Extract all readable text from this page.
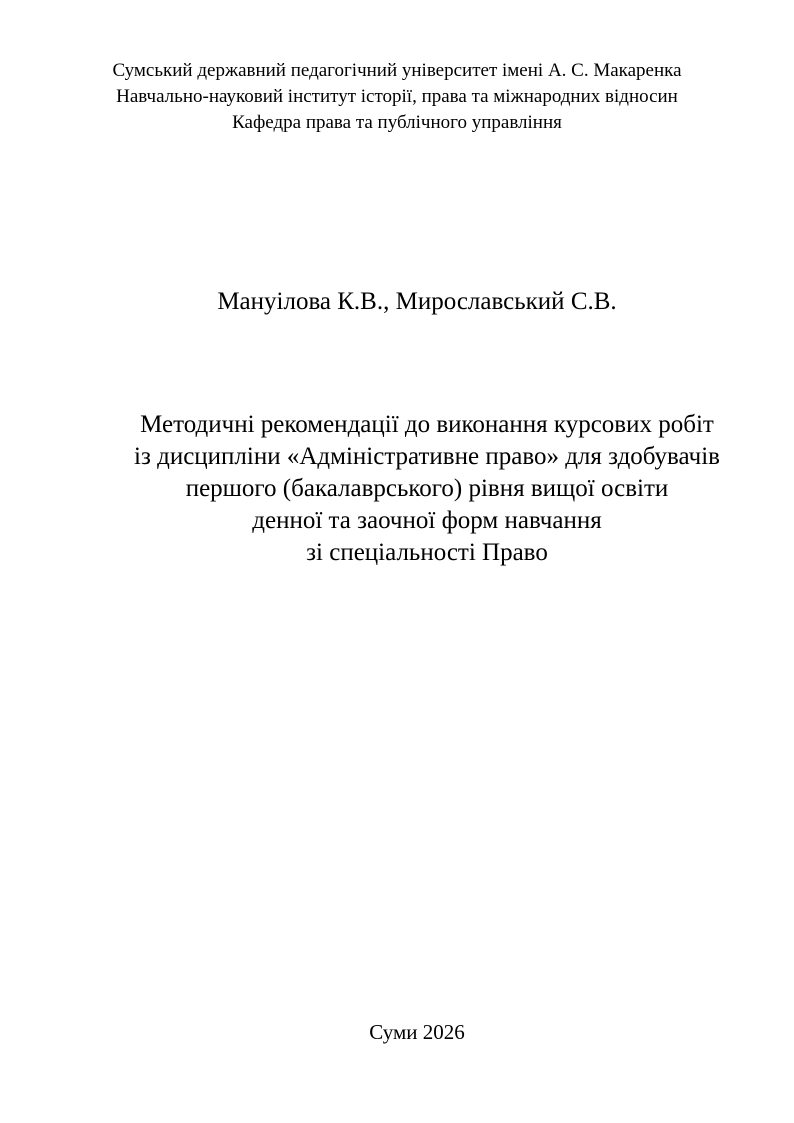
Сумський державний педагогічний університет імені А. С. Макаренка
Навчально-науковий інститут історії, права та міжнародних відносин
Кафедра права та публічного управління
Мануілова К.В., Мирославський С.В.
Методичні рекомендації до виконання курсових робіт
із дисципліни «Адміністративне право» для здобувачів
першого (бакалаврського) рівня вищої освіти
денної та заочної форм навчання
зі спеціальності Право
Суми 2026
